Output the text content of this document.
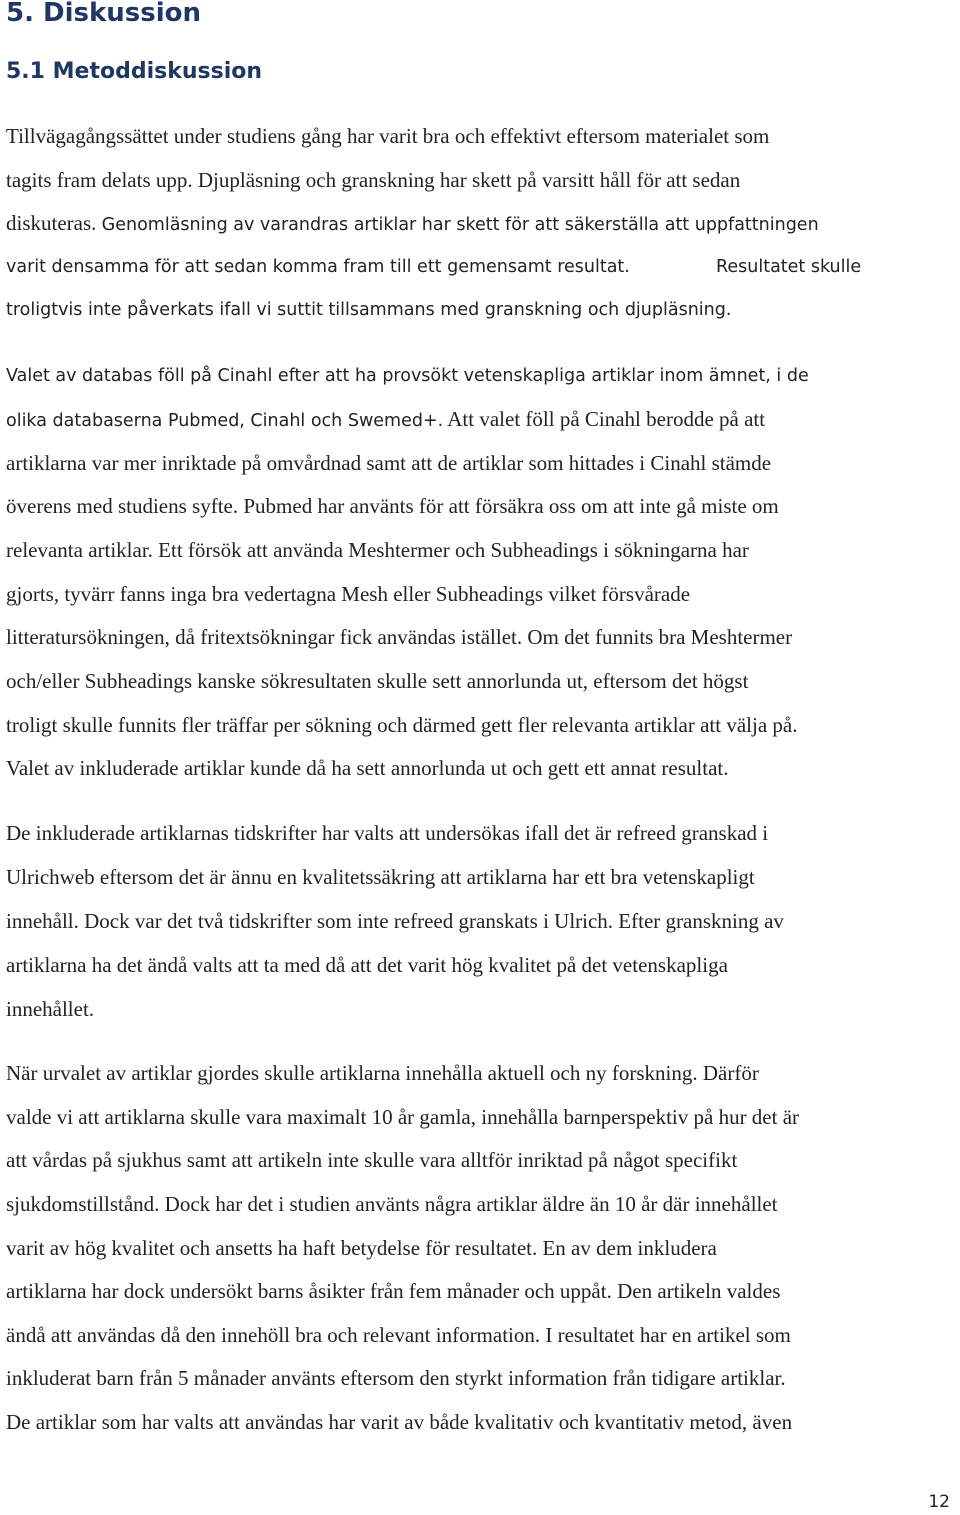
5. Diskussion
5.1 Metoddiskussion

Tillvägagångssättet under studiens gång har varit bra och effektivt eftersom materialet som

tagits fram delats upp. Djupläsning och granskning har skett på varsitt håll för att sedan

diskuteras. Genomläsning av varandras artiklar har skett för att säkerställa att uppfattningen

varit densamma för att sedan komma fram till ett gemensamt resultat.	Resultatet skulle

troligtvis inte påverkats ifall vi suttit tillsammans med granskning och djupläsning.

Valet av databas föll på Cinahl efter att ha provsökt vetenskapliga artiklar inom ämnet, i de

olika databaserna Pubmed, Cinahl och Swemed+. Att valet föll på Cinahl berodde på att

artiklarna var mer inriktade på omvårdnad samt att de artiklar som hittades i Cinahl stämde

överens med studiens syfte. Pubmed har använts för att försäkra oss om att inte gå miste om

relevanta artiklar. Ett försök att använda Meshtermer och Subheadings i sökningarna har

gjorts, tyvärr fanns inga bra vedertagna Mesh eller Subheadings vilket försvårade

litteratursökningen, då fritextsökningar fick användas istället. Om det funnits bra Meshtermer

och/eller Subheadings kanske sökresultaten skulle sett annorlunda ut, eftersom det högst

troligt skulle funnits fler träffar per sökning och därmed gett fler relevanta artiklar att välja på.

Valet av inkluderade artiklar kunde då ha sett annorlunda ut och gett ett annat resultat.

De inkluderade artiklarnas tidskrifter har valts att undersökas ifall det är refreed granskad i

Ulrichweb eftersom det är ännu en kvalitetssäkring att artiklarna har ett bra vetenskapligt

innehåll. Dock var det två tidskrifter som inte refreed granskats i Ulrich. Efter granskning av

artiklarna ha det ändå valts att ta med då att det varit hög kvalitet på det vetenskapliga

innehållet.

När urvalet av artiklar gjordes skulle artiklarna innehålla aktuell och ny forskning. Därför

valde vi att artiklarna skulle vara maximalt 10 år gamla, innehålla barnperspektiv på hur det är

att vårdas på sjukhus samt att artikeln inte skulle vara alltför inriktad på något specifikt

sjukdomstillstånd. Dock har det i studien använts några artiklar äldre än 10 år där innehållet

varit av hög kvalitet och ansetts ha haft betydelse för resultatet. En av dem inkludera

artiklarna har dock undersökt barns åsikter från fem månader och uppåt. Den artikeln valdes

ändå att användas då den innehöll bra och relevant information. I resultatet har en artikel som

inkluderat barn från 5 månader använts eftersom den styrkt information från tidigare artiklar.

De artiklar som har valts att användas har varit av både kvalitativ och kvantitativ metod, även

12
